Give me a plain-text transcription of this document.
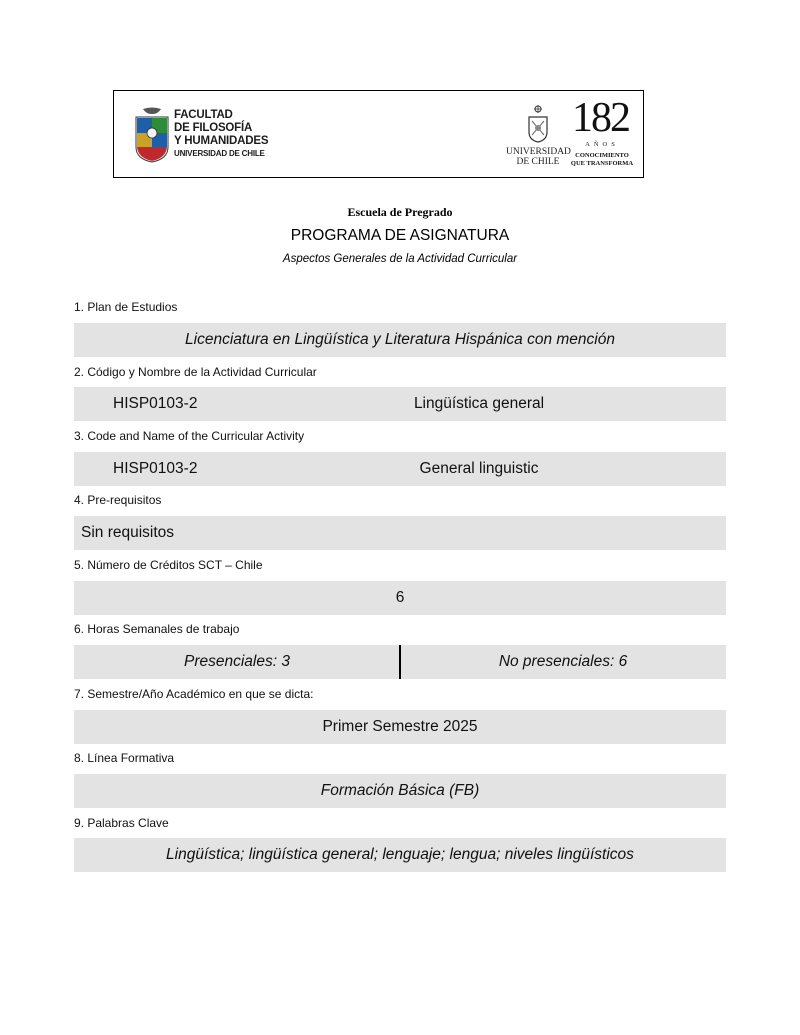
FACULTAD
DE FILOSOFÍA
Y HUMANIDADES
UNIVERSIDAD DE CHILE	UNIVERSIDAD
DE CHILE
182
AÑOS
CONOCIMIENTO
QUE TRANSFORMA
Escuela de Pregrado
PROGRAMA DE ASIGNATURA
Aspectos Generales de la Actividad Curricular
1. Plan de Estudios
Licenciatura en Lingüística y Literatura Hispánica con mención
2. Código y Nombre de la Actividad Curricular
HISP0103-2	Lingüística general
3. Code and Name of the Curricular Activity
HISP0103-2	General linguistic
4. Pre-requisitos
Sin requisitos
5. Número de Créditos SCT – Chile
6
6. Horas Semanales de trabajo
Presenciales: 3	No presenciales: 6
7. Semestre/Año Académico en que se dicta:
Primer Semestre 2025
8. Línea Formativa
Formación Básica (FB)
9. Palabras Clave
Lingüística; lingüística general; lenguaje; lengua; niveles lingüísticos
